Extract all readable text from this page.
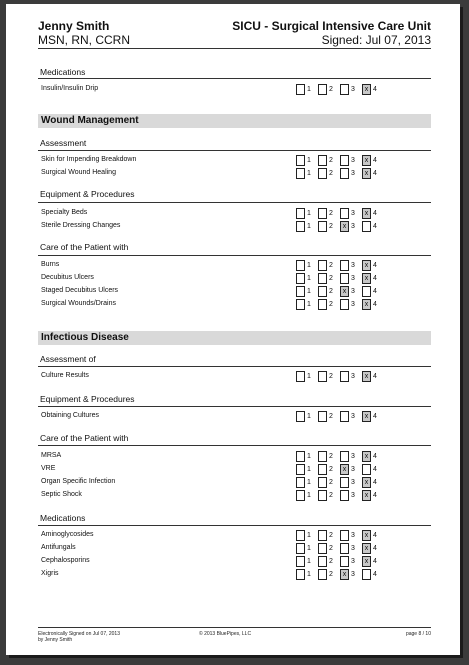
Jenny Smith
MSN, RN, CCRN
SICU - Surgical Intensive Care Unit
Signed: Jul 07, 2013
Medications
Insulin/Insulin Drip	1	2	3	x 4
Wound Management
Assessment
Skin for Impending Breakdown	1	2	3	x 4
Surgical Wound Healing	1	2	3	x 4
Equipment & Procedures
Specialty Beds	1	2	3	x 4
Sterile Dressing Changes	1	2	x 3	4
Care of the Patient with
Burns	1	2	3	x 4
Decubitus Ulcers	1	2	3	x 4
Staged Decubitus Ulcers	1	2	x 3	4
Surgical Wounds/Drains	1	2	3	x 4
Infectious Disease
Assessment of
Culture Results	1	2	3	x 4
Equipment & Procedures
Obtaining Cultures	1	2	3	x 4
Care of the Patient with
MRSA	1	2	3	x 4
VRE	1	2	x 3	4
Organ Specific Infection	1	2	3	x 4
Septic Shock	1	2	3	x 4
Medications
Aminoglycosides	1	2	3	x 4
Antifungals	1	2	3	x 4
Cephalosporins	1	2	3	x 4
Xigris	1	2	x 3	4
Electronically Signed on Jul 07, 2013
by Jenny Smith
© 2013 BluePipes, LLC	page 8 / 10
